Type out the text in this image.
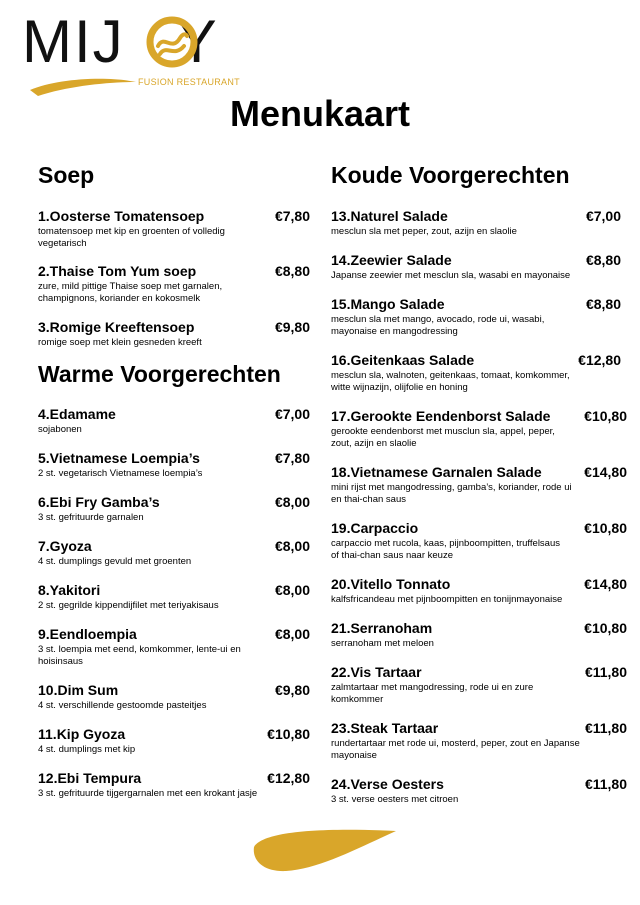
MIJ Y
FUSION RESTAURANT
Menukaart
Soep
1.Oosterse Tomatensoep	€7,80
tomatensoep met kip en groenten of volledig vegetarisch
2.Thaise Tom Yum soep	€8,80
zure, mild pittige Thaise soep met garnalen, champignons, koriander en kokosmelk
3.Romige Kreeftensoep	€9,80
romige soep met klein gesneden kreeft
Warme Voorgerechten
4.Edamame	€7,00
sojabonen
5.Vietnamese Loempia’s	€7,80
2 st. vegetarisch Vietnamese loempia’s
6.Ebi Fry Gamba’s	€8,00
3 st. gefrituurde garnalen
7.Gyoza	€8,00
4 st. dumplings gevuld met groenten
8.Yakitori	€8,00
2 st. gegrilde kippendijfilet met teriyakisaus
9.Eendloempia	€8,00
3 st. loempia met eend, komkommer, lente-ui en hoisinsaus
10.Dim Sum	€9,80
4 st. verschillende gestoomde pasteitjes
11.Kip Gyoza	€10,80
4 st. dumplings met kip
12.Ebi Tempura	€12,80
3 st. gefrituurde tijgergarnalen met een krokant jasje
Koude Voorgerechten
13.Naturel Salade	€7,00
mesclun sla met peper, zout, azijn en slaolie
14.Zeewier Salade	€8,80
Japanse zeewier met mesclun sla, wasabi en mayonaise
15.Mango Salade	€8,80
mesclun sla met mango, avocado, rode ui, wasabi, mayonaise en mangodressing
16.Geitenkaas Salade	€12,80
mesclun sla, walnoten, geitenkaas, tomaat, komkommer, witte wijnazijn, olijfolie en honing
17.Gerookte Eendenborst Salade €10,80
gerookte eendenborst met musclun sla, appel, peper, zout, azijn en slaolie
18.Vietnamese Garnalen Salade	€14,80
mini rijst met mangodressing, gamba’s, koriander, rode ui en thai-chan saus
19.Carpaccio	€10,80
carpaccio met rucola, kaas, pijnboompitten, truffelsaus of thai-chan saus naar keuze
20.Vitello Tonnato	€14,80
kalfsfricandeau met pijnboompitten en tonijnmayonaise
21.Serranoham	€10,80
serranoham met meloen
22.Vis Tartaar	€11,80
zalmtartaar met mangodressing, rode ui en zure komkommer
23.Steak Tartaar	€11,80
rundertartaar met rode ui, mosterd, peper, zout en Japanse mayonaise
24.Verse Oesters	€11,80
3 st. verse oesters met citroen
